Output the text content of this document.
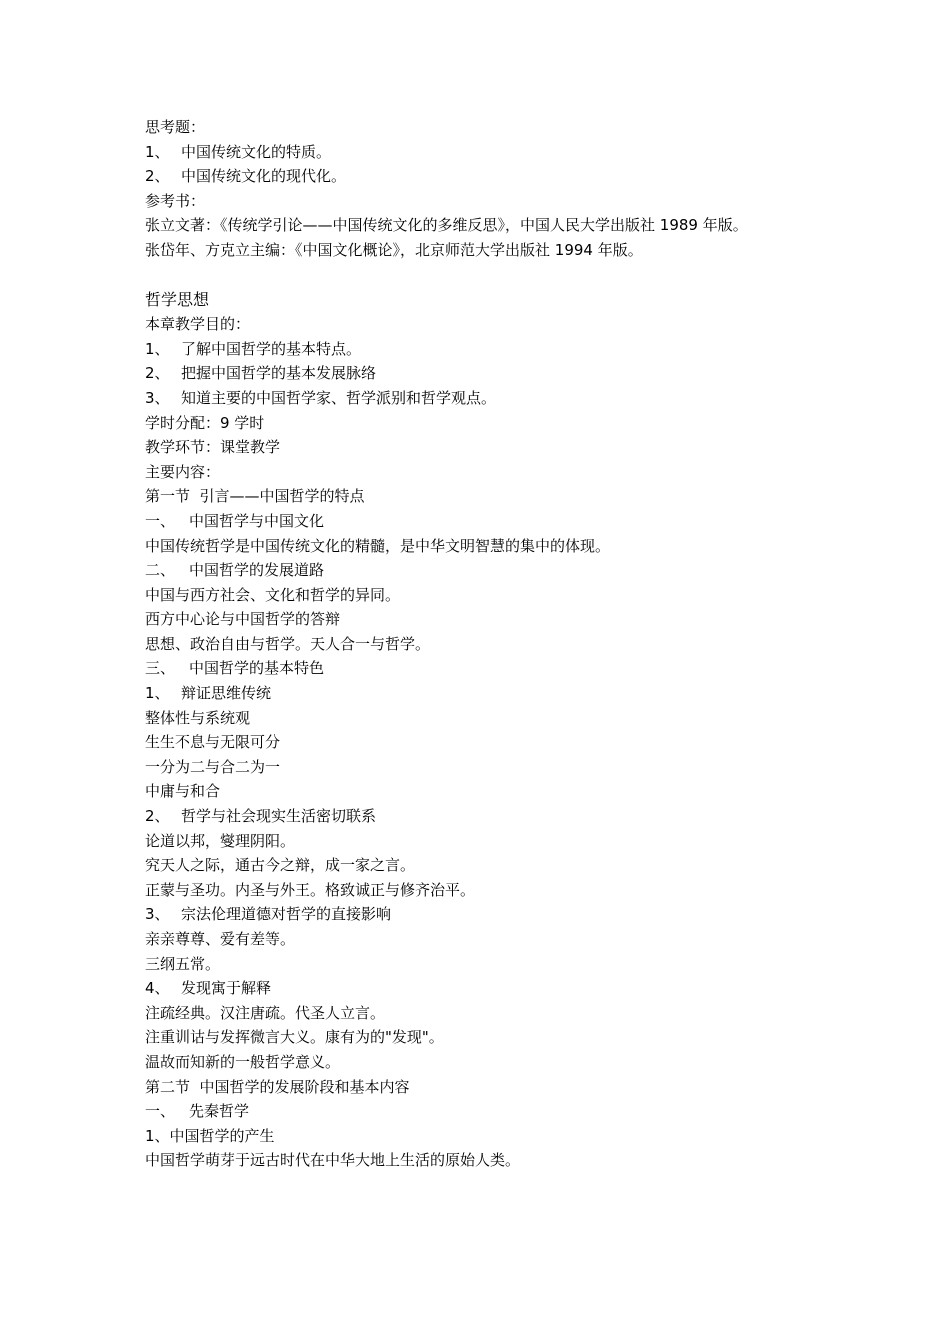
思考题：
1、 中国传统文化的特质。
2、 中国传统文化的现代化。
参考书：
张立文著：《传统学引论——中国传统文化的多维反思》，中国人民大学出版社 1989 年版。
张岱年、方克立主编：《中国文化概论》，北京师范大学出版社 1994 年版。
哲学思想
本章教学目的：
1、 了解中国哲学的基本特点。
2、 把握中国哲学的基本发展脉络
3、 知道主要的中国哲学家、哲学派别和哲学观点。
学时分配：9 学时
教学环节：课堂教学
主要内容：
第一节  引言——中国哲学的特点
一、 中国哲学与中国文化
中国传统哲学是中国传统文化的精髓，是中华文明智慧的集中的体现。
二、 中国哲学的发展道路
中国与西方社会、文化和哲学的异同。
西方中心论与中国哲学的答辩
思想、政治自由与哲学。天人合一与哲学。
三、 中国哲学的基本特色
1、 辩证思维传统
整体性与系统观
生生不息与无限可分
一分为二与合二为一
中庸与和合
2、 哲学与社会现实生活密切联系
论道以邦，燮理阴阳。
究天人之际，通古今之辩，成一家之言。
正蒙与圣功。内圣与外王。格致诚正与修齐治平。
3、 宗法伦理道德对哲学的直接影响
亲亲尊尊、爱有差等。
三纲五常。
4、 发现寓于解释
注疏经典。汉注唐疏。代圣人立言。
注重训诂与发挥微言大义。康有为的"发现"。
温故而知新的一般哲学意义。
第二节  中国哲学的发展阶段和基本内容
一、 先秦哲学
1、中国哲学的产生
中国哲学萌芽于远古时代在中华大地上生活的原始人类。
